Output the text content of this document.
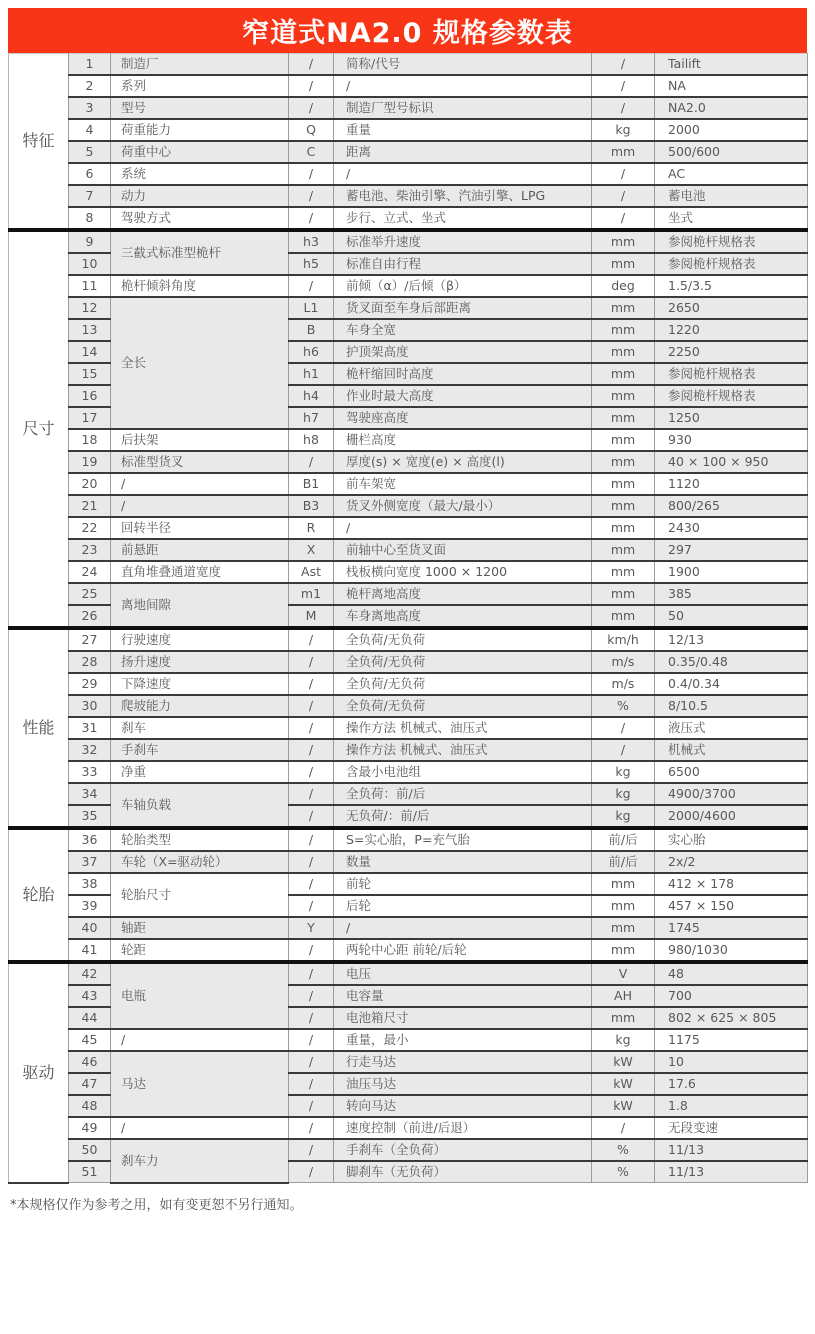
窄道式NA2.0 规格参数表
特征	1	制造厂	/	简称/代号	/	Tailift
	2	系列	/	/	/	NA
	3	型号	/	制造厂型号标识	/	NA2.0
	4	荷重能力	Q	重量	kg	2000
	5	荷重中心	C	距离	mm	500/600
	6	系统	/	/	/	AC
	7	动力	/	蓄电池、柴油引擎、汽油引擎、LPG	/	蓄电池
	8	驾驶方式	/	步行、立式、坐式	/	坐式
尺寸	9	三截式标准型桅杆	h3	标准举升速度	mm	参阅桅杆规格表
	10		h5	标准自由行程	mm	参阅桅杆规格表
	11	桅杆倾斜角度	/	前倾（α）/后倾（β）	deg	1.5/3.5
	12	全长	L1	货叉面至车身后部距离	mm	2650
	13		B	车身全宽	mm	1220
	14		h6	护顶架高度	mm	2250
	15		h1	桅杆缩回时高度	mm	参阅桅杆规格表
	16		h4	作业时最大高度	mm	参阅桅杆规格表
	17		h7	驾驶座高度	mm	1250
	18	后扶架	h8	栅栏高度	mm	930
	19	标准型货叉	/	厚度(s) × 宽度(e) × 高度(l)	mm	40 × 100 × 950
	20	/	B1	前车架宽	mm	1120
	21	/	B3	货叉外侧宽度（最大/最小）	mm	800/265
	22	回转半径	R	/	mm	2430
	23	前悬距	X	前轴中心至货叉面	mm	297
	24	直角堆叠通道宽度	Ast	栈板横向宽度 1000 × 1200	mm	1900
	25	离地间隙	m1	桅杆离地高度	mm	385
	26		M	车身离地高度	mm	50
性能	27	行驶速度	/	全负荷/无负荷	km/h	12/13
	28	扬升速度	/	全负荷/无负荷	m/s	0.35/0.48
	29	下降速度	/	全负荷/无负荷	m/s	0.4/0.34
	30	爬坡能力	/	全负荷/无负荷	%	8/10.5
	31	刹车	/	操作方法 机械式、油压式	/	液压式
	32	手刹车	/	操作方法 机械式、油压式	/	机械式
	33	净重	/	含最小电池组	kg	6500
	34	车轴负载	/	全负荷：前/后	kg	4900/3700
	35		/	无负荷/：前/后	kg	2000/4600
轮胎	36	轮胎类型	/	S=实心胎，P=充气胎	前/后	实心胎
	37	车轮（X=驱动轮）	/	数量	前/后	2x/2
	38	轮胎尺寸	/	前轮	mm	412 × 178
	39		/	后轮	mm	457 × 150
	40	轴距	Y	/	mm	1745
	41	轮距	/	两轮中心距 前轮/后轮	mm	980/1030
驱动	42	电瓶	/	电压	V	48
	43		/	电容量	AH	700
	44		/	电池箱尺寸	mm	802 × 625 × 805
	45	/	/	重量，最小	kg	1175
	46	马达	/	行走马达	kW	10
	47		/	油压马达	kW	17.6
	48		/	转向马达	kW	1.8
	49	/	/	速度控制（前进/后退）	/	无段变速
	50	刹车力	/	手刹车（全负荷）	%	11/13
	51		/	脚刹车（无负荷）	%	11/13
*本规格仅作为参考之用，如有变更恕不另行通知。
